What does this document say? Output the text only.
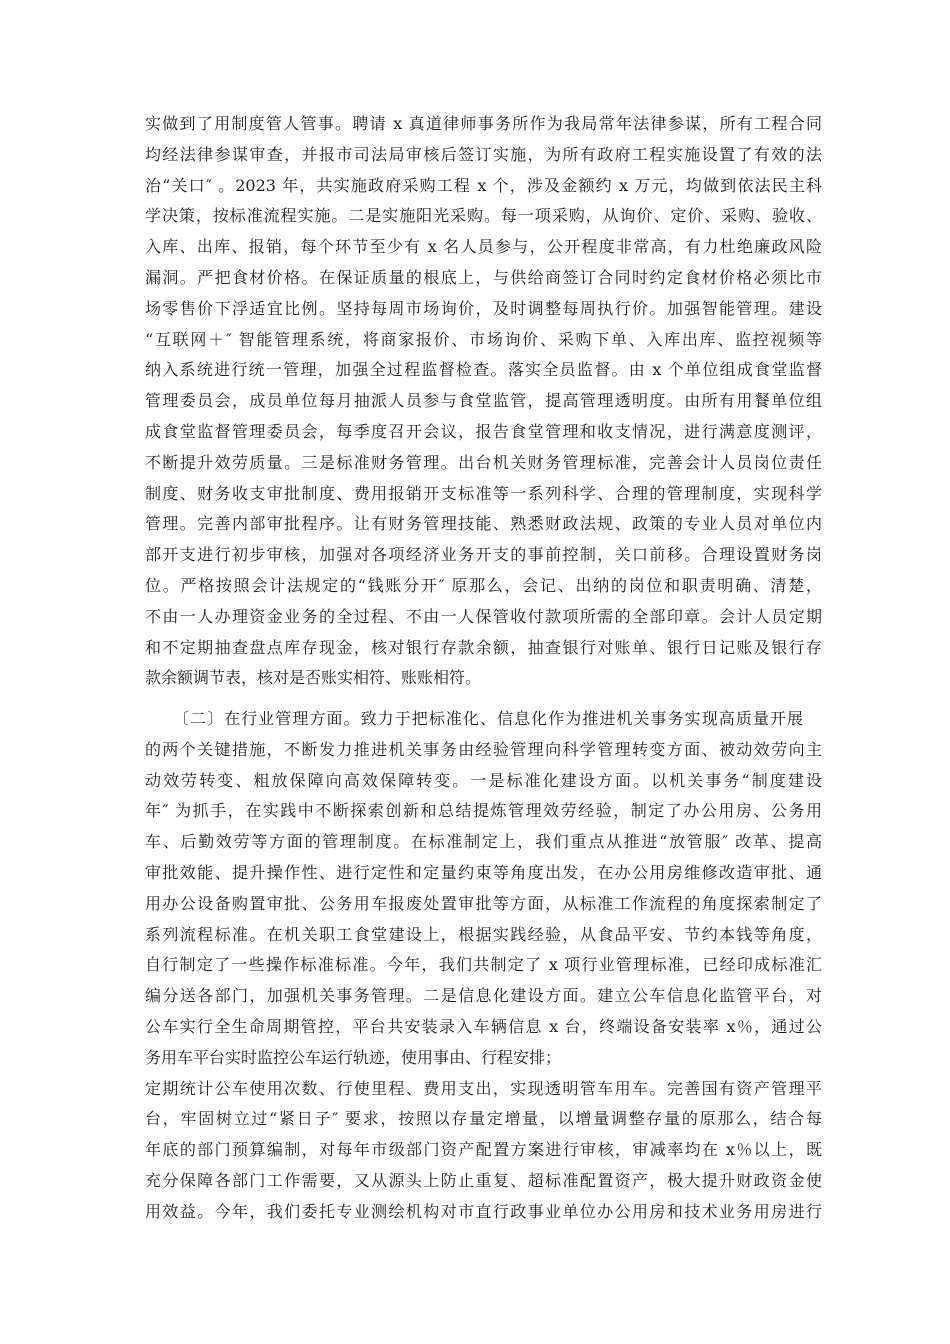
实做到了用制度管人管事。聘请 x 真道律师事务所作为我局常年法律参谋，所有工程合同
均经法律参谋审查，并报市司法局审核后签订实施，为所有政府工程实施设置了有效的法
治“关口″ 。2023 年，共实施政府采购工程 x 个，涉及金额约 x 万元，均做到依法民主科
学决策，按标准流程实施。二是实施阳光采购。每一项采购，从询价、定价、采购、验收、
入库、出库、报销，每个环节至少有 x 名人员参与，公开程度非常高，有力杜绝廉政风险
漏洞。严把食材价格。在保证质量的根底上，与供给商签订合同时约定食材价格必须比市
场零售价下浮适宜比例。坚持每周市场询价，及时调整每周执行价。加强智能管理。建设
“互联网＋″ 智能管理系统，将商家报价、市场询价、采购下单、入库出库、监控视频等
纳入系统进行统一管理，加强全过程监督检查。落实全员监督。由 x 个单位组成食堂监督
管理委员会，成员单位每月抽派人员参与食堂监管，提高管理透明度。由所有用餐单位组
成食堂监督管理委员会，每季度召开会议，报告食堂管理和收支情况，进行满意度测评，
不断提升效劳质量。三是标准财务管理。出台机关财务管理标准，完善会计人员岗位责任
制度、财务收支审批制度、费用报销开支标准等一系列科学、合理的管理制度，实现科学
管理。完善内部审批程序。让有财务管理技能、熟悉财政法规、政策的专业人员对单位内
部开支进行初步审核，加强对各项经济业务开支的事前控制，关口前移。合理设置财务岗
位。严格按照会计法规定的“钱账分开″ 原那么，会记、出纳的岗位和职责明确、清楚，
不由一人办理资金业务的全过程、不由一人保管收付款项所需的全部印章。会计人员定期
和不定期抽查盘点库存现金，核对银行存款余额，抽查银行对账单、银行日记账及银行存
款余额调节表，核对是否账实相符、账账相符。
〔二〕在行业管理方面。致力于把标准化、信息化作为推进机关事务实现高质量开展
的两个关键措施，不断发力推进机关事务由经验管理向科学管理转变方面、被动效劳向主
动效劳转变、粗放保障向高效保障转变。一是标准化建设方面。以机关事务“制度建设
年″ 为抓手，在实践中不断探索创新和总结提炼管理效劳经验，制定了办公用房、公务用
车、后勤效劳等方面的管理制度。在标准制定上，我们重点从推进“放管服″ 改革、提高
审批效能、提升操作性、进行定性和定量约束等角度出发，在办公用房维修改造审批、通
用办公设备购置审批、公务用车报废处置审批等方面，从标准工作流程的角度探索制定了
系列流程标准。在机关职工食堂建设上，根据实践经验，从食品平安、节约本钱等角度，
自行制定了一些操作标准标准。今年，我们共制定了 x 项行业管理标准，已经印成标准汇
编分送各部门，加强机关事务管理。二是信息化建设方面。建立公车信息化监管平台，对
公车实行全生命周期管控，平台共安装录入车辆信息 x 台，终端设备安装率 x％，通过公
务用车平台实时监控公车运行轨迹，使用事由、行程安排；
定期统计公车使用次数、行使里程、费用支出，实现透明管车用车。完善国有资产管理平
台，牢固树立过“紧日子″ 要求，按照以存量定增量，以增量调整存量的原那么，结合每
年底的部门预算编制，对每年市级部门资产配置方案进行审核，审减率均在 x％以上，既
充分保障各部门工作需要，又从源头上防止重复、超标准配置资产，极大提升财政资金使
用效益。今年，我们委托专业测绘机构对市直行政事业单位办公用房和技术业务用房进行
